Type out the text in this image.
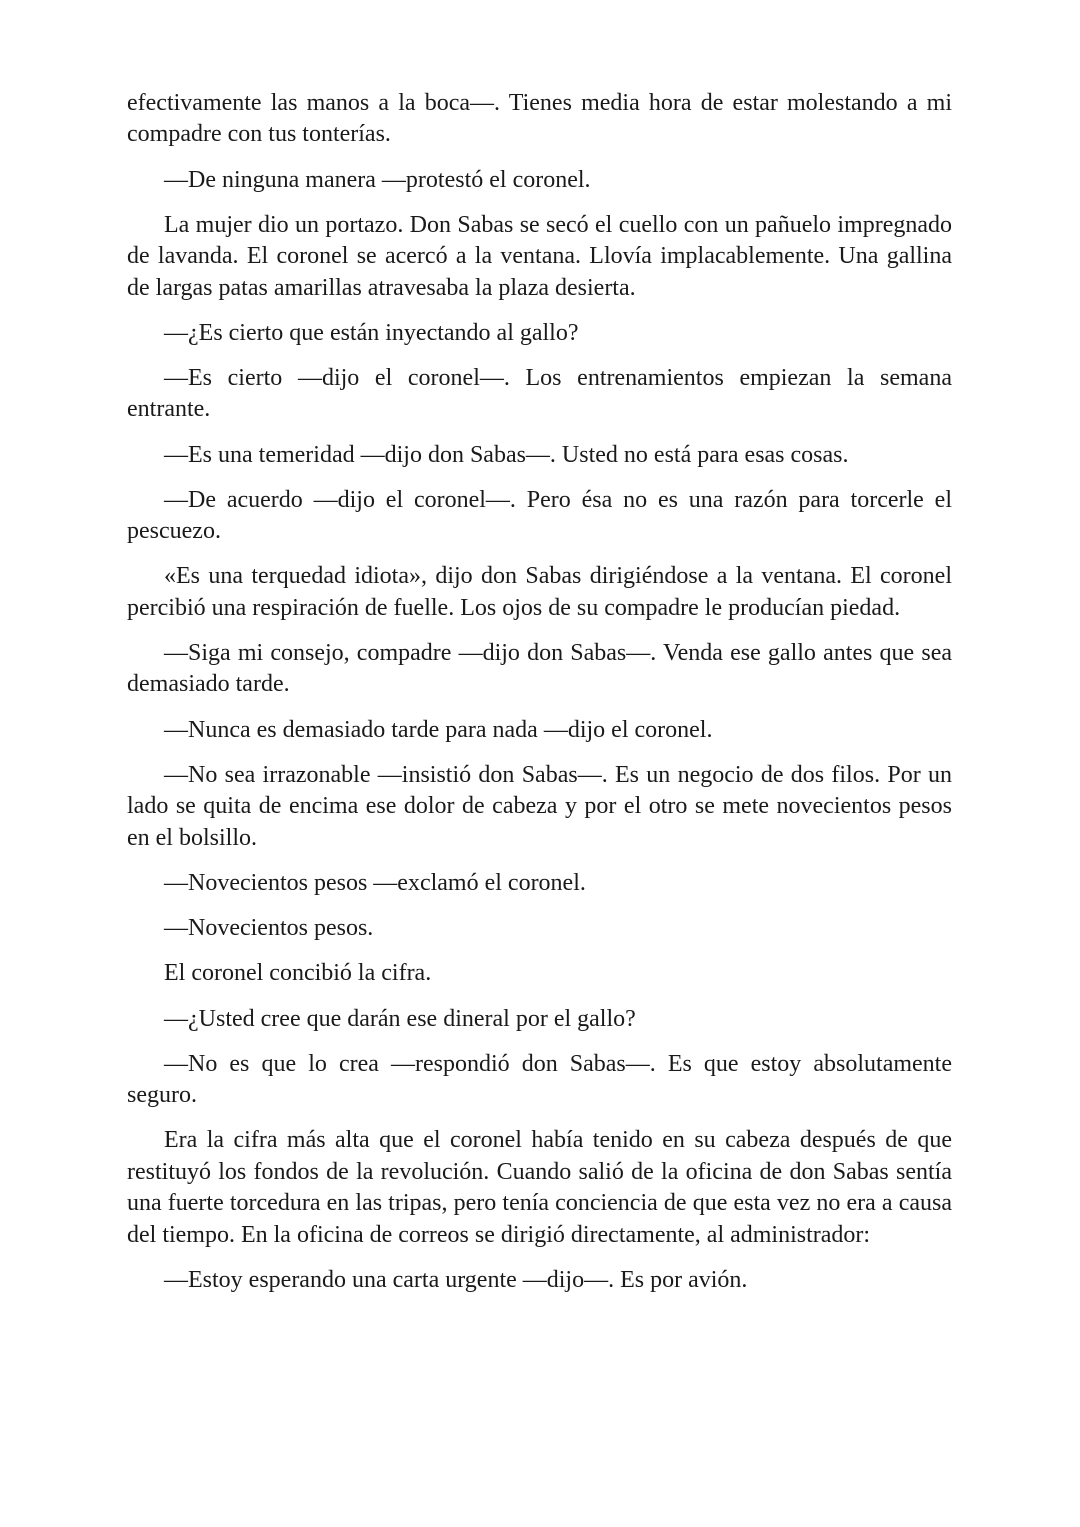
efectivamente las manos a la boca—. Tienes media hora de estar molestando a mi compadre con tus tonterías.

—De ninguna manera —protestó el coronel.

La mujer dio un portazo. Don Sabas se secó el cuello con un pañuelo impregnado de lavanda. El coronel se acercó a la ventana. Llovía implacablemente. Una gallina de largas patas amarillas atravesaba la plaza desierta.

—¿Es cierto que están inyectando al gallo?

—Es cierto —dijo el coronel—. Los entrenamientos empiezan la semana entrante.

—Es una temeridad —dijo don Sabas—. Usted no está para esas cosas.

—De acuerdo —dijo el coronel—. Pero ésa no es una razón para torcerle el pescuezo.

«Es una terquedad idiota», dijo don Sabas dirigiéndose a la ventana. El coronel percibió una respiración de fuelle. Los ojos de su compadre le producían piedad.

—Siga mi consejo, compadre —dijo don Sabas—. Venda ese gallo antes que sea demasiado tarde.

—Nunca es demasiado tarde para nada —dijo el coronel.

—No sea irrazonable —insistió don Sabas—. Es un negocio de dos filos. Por un lado se quita de encima ese dolor de cabeza y por el otro se mete novecientos pesos en el bolsillo.

—Novecientos pesos —exclamó el coronel.

—Novecientos pesos.

El coronel concibió la cifra.

—¿Usted cree que darán ese dineral por el gallo?

—No es que lo crea —respondió don Sabas—. Es que estoy absolutamente seguro.

Era la cifra más alta que el coronel había tenido en su cabeza después de que restituyó los fondos de la revolución. Cuando salió de la oficina de don Sabas sentía una fuerte torcedura en las tripas, pero tenía conciencia de que esta vez no era a causa del tiempo. En la oficina de correos se dirigió directamente, al administrador:

—Estoy esperando una carta urgente —dijo—. Es por avión.
